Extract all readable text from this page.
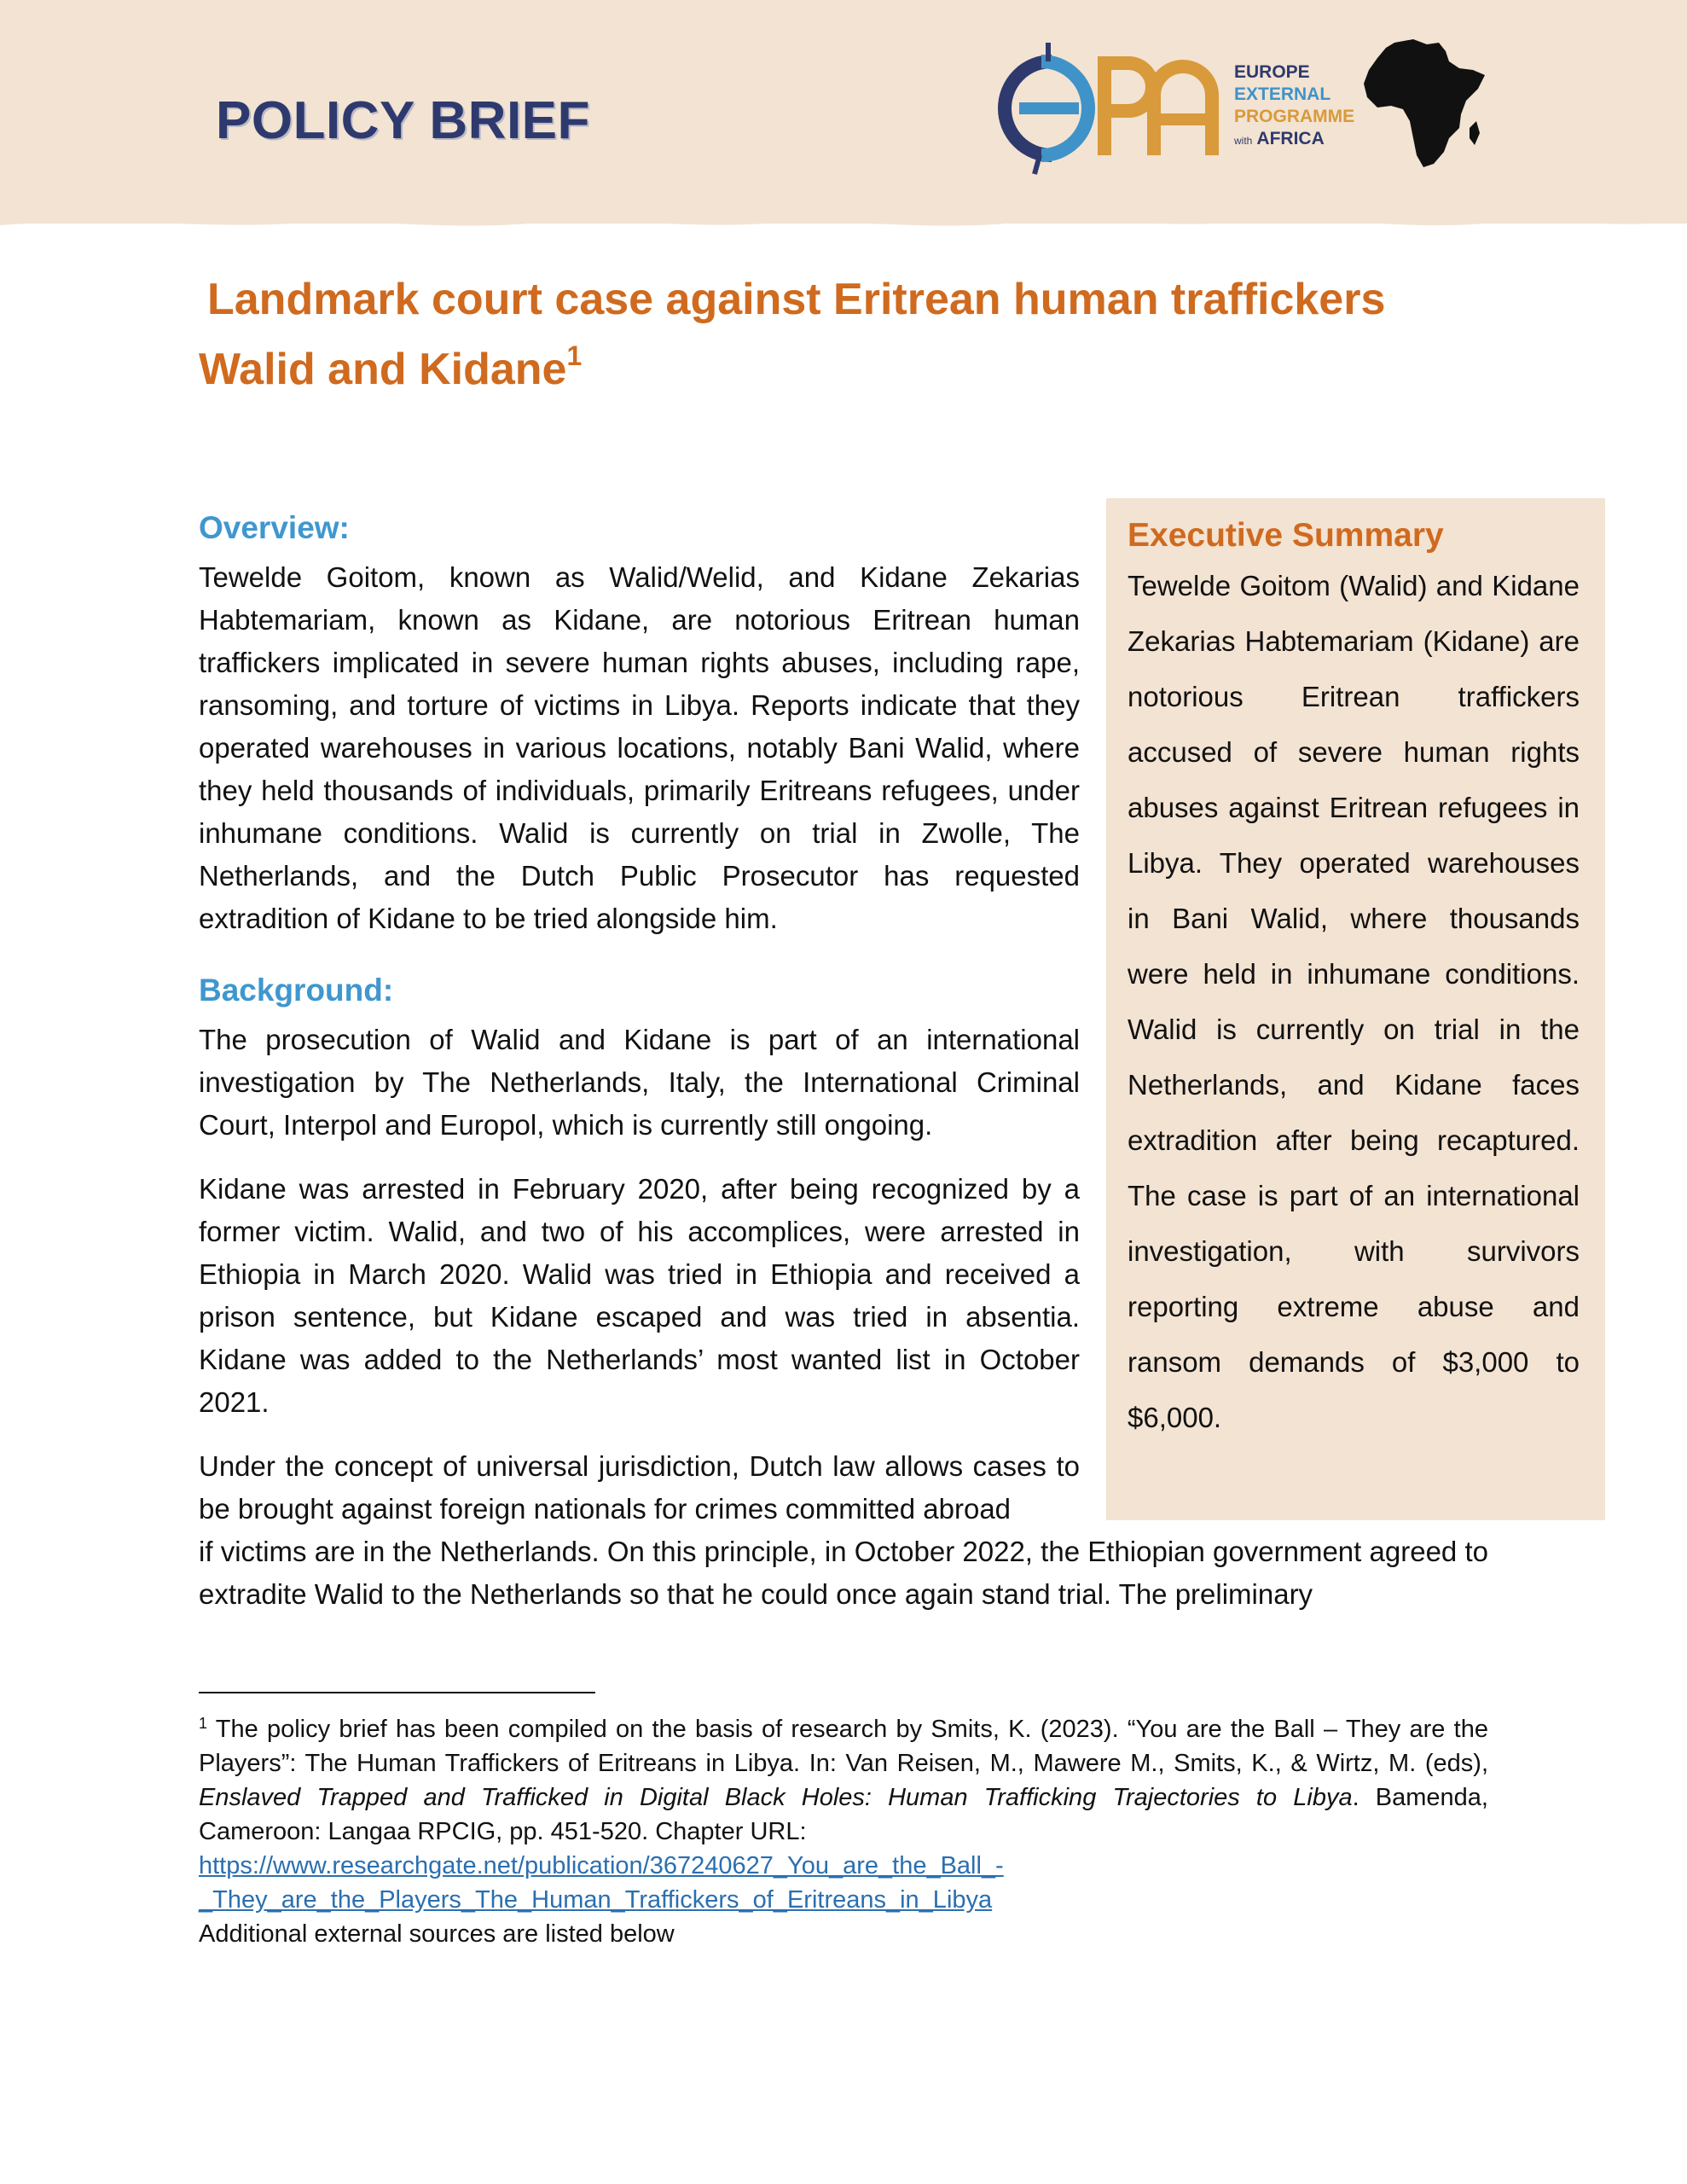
POLICY BRIEF
EUROPE
EXTERNAL
PROGRAMME
with AFRICA
Landmark court case against Eritrean human traffickers
Walid and Kidane$^1$
Overview:
Tewelde Goitom, known as Walid/Welid, and Kidane Zekarias Habtemariam, known as Kidane, are notorious Eritrean human traffickers implicated in severe human rights abuses, including rape, ransoming, and torture of victims in Libya. Reports indicate that they operated warehouses in various locations, notably Bani Walid, where they held thousands of individuals, primarily Eritreans refugees, under inhumane conditions. Walid is currently on trial in Zwolle, The Netherlands, and the Dutch Public Prosecutor has requested extradition of Kidane to be tried alongside him.
Background:
The prosecution of Walid and Kidane is part of an international investigation by The Netherlands, Italy, the International Criminal Court, Interpol and Europol, which is currently still ongoing.
Kidane was arrested in February 2020, after being recognized by a former victim. Walid, and two of his accomplices, were arrested in Ethiopia in March 2020. Walid was tried in Ethiopia and received a prison sentence, but Kidane escaped and was tried in absentia. Kidane was added to the Netherlands’ most wanted list in October 2021.
Under the concept of universal jurisdiction, Dutch law allows cases to be brought against foreign nationals for crimes committed abroad
if victims are in the Netherlands. On this principle, in October 2022, the Ethiopian government agreed to extradite Walid to the Netherlands so that he could once again stand trial. The preliminary
Executive Summary
Tewelde Goitom (Walid) and Kidane Zekarias Habtemariam (Kidane) are notorious Eritrean traffickers accused of severe human rights abuses against Eritrean refugees in Libya. They operated warehouses in Bani Walid, where thousands were held in inhumane conditions. Walid is currently on trial in the Netherlands, and Kidane faces extradition after being recaptured. The case is part of an international investigation, with survivors reporting extreme abuse and ransom demands of $3,000 to $6,000.
$^1$ The policy brief has been compiled on the basis of research by Smits, K. (2023). “You are the Ball – They are the Players”: The Human Traffickers of Eritreans in Libya. In: Van Reisen, M., Mawere M., Smits, K., & Wirtz, M. (eds), Enslaved Trapped and Trafficked in Digital Black Holes: Human Trafficking Trajectories to Libya. Bamenda, Cameroon: Langaa RPCIG, pp. 451-520. Chapter URL:
https://www.researchgate.net/publication/367240627_You_are_the_Ball_-_They_are_the_Players_The_Human_Traffickers_of_Eritreans_in_Libya
Additional external sources are listed below
